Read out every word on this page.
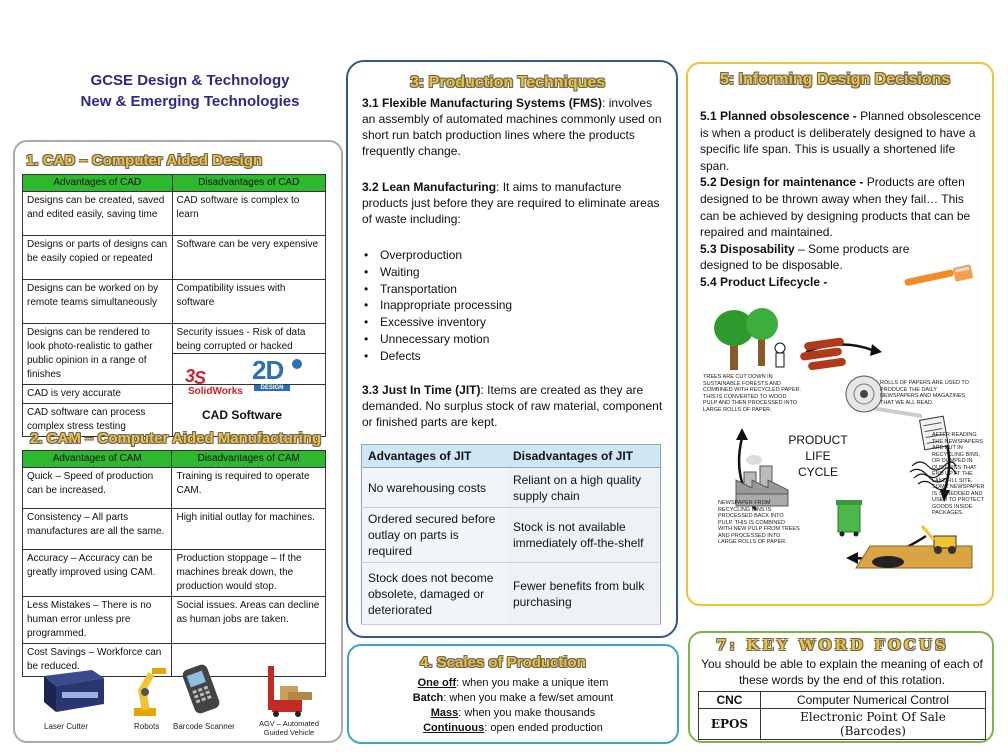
GCSE Design & Technology
New & Emerging Technologies
1. CAD – Computer Aided Design
Advantages of CAD	Disadvantages of CAD
Designs can be created, saved and edited easily, saving time	CAD software is complex to learn
Designs or parts of designs can be easily copied or repeated	Software can be very expensive
Designs can be worked on by remote teams simultaneously	Compatibility issues with software
Designs can be rendered to look photo-realistic to gather public opinion in a range of finishes	Security issues - Risk of data being corrupted or hacked

CAD is very accurate	
CAD software can process complex stress testing	
3
S
SolidWorks
2D
DESIGN
CAD Software
2. CAM – Computer Aided Manufacturing
Advantages of CAM	Disadvantages of CAM
Quick – Speed of production can be increased.	Training is required to operate CAM.
Consistency – All parts manufactures are all the same.	High initial outlay for machines.
Accuracy – Accuracy can be greatly improved using CAM.	Production stoppage – If the machines break down, the production would stop.
Less Mistakes – There is no human error unless pre programmed.	Social issues. Areas can decline as human jobs are taken.
Cost Savings – Workforce can be reduced.	
Laser Cutter	Robots Barcode Scanner	AGV – Automated Guided Vehicle
3: Production Techniques
3.1 Flexible Manufacturing Systems (FMS): involves an assembly of automated machines commonly used on short run batch production lines where the products frequently change.
3.2 Lean Manufacturing: It aims to manufacture products just before they are required to eliminate areas of waste including:
• Overproduction
• Waiting
• Transportation
• Inappropriate processing
• Excessive inventory
• Unnecessary motion
• Defects
3.3 Just In Time (JIT): Items are created as they are demanded. No surplus stock of raw material, component or finished parts are kept.
Advantages of JIT	Disadvantages of JIT
No warehousing costs	Reliant on a high quality supply chain
Ordered secured before outlay on parts is required	Stock is not available immediately off-the-shelf
Stock does not become obsolete, damaged or deteriorated	Fewer benefits from bulk purchasing
4. Scales of Production
One off: when you make a unique item
Batch: when you make a few/set amount
Mass: when you make thousands
Continuous: open ended production
5: Informing Design Decisions
5.1 Planned obsolescence - Planned obsolescence is when a product is deliberately designed to have a specific life span. This is usually a shortened life span.
5.2 Design for maintenance - Products are often designed to be thrown away when they fail… This can be achieved by designing products that can be repaired and maintained.
5.3 Disposability – Some products are designed to be disposable.
5.4 Product Lifecycle -
PRODUCT
LIFE
CYCLE
TREES ARE CUT DOWN IN SUSTAINABLE FORESTS AND COMBINED WITH RECYCLED PAPER. THIS IS CONVERTED TO WOOD PULP AND THEN PROCESSED INTO LARGE ROLLS OF PAPER.
ROLLS OF PAPERS ARE USED TO PRODUCE THE DAILY NEWSPAPERS AND MAGAZINES THAT WE ALL READ.
AFTER READING THE NEWSPAPERS ARE PUT IN RECYCLING BINS, OR DUMPED IN DUST BINS THAT END UP AT THE LANDFILL SITE. SOME NEWSPAPER IS SHREDDED AND USED TO PROTECT GOODS INSIDE PACKAGES.
NEWSPAPER FROM RECYCLING BINS IS PROCESSED BACK INTO PULP. THIS IS COMBINED WITH NEW PULP FROM TREES AND PROCESSED INTO LARGE ROLLS OF PAPER.
7: KEY WORD FOCUS
You should be able to explain the meaning of each of these words by the end of this rotation.
CNC	Computer Numerical Control
EPOS	Electronic Point Of Sale (Barcodes)
